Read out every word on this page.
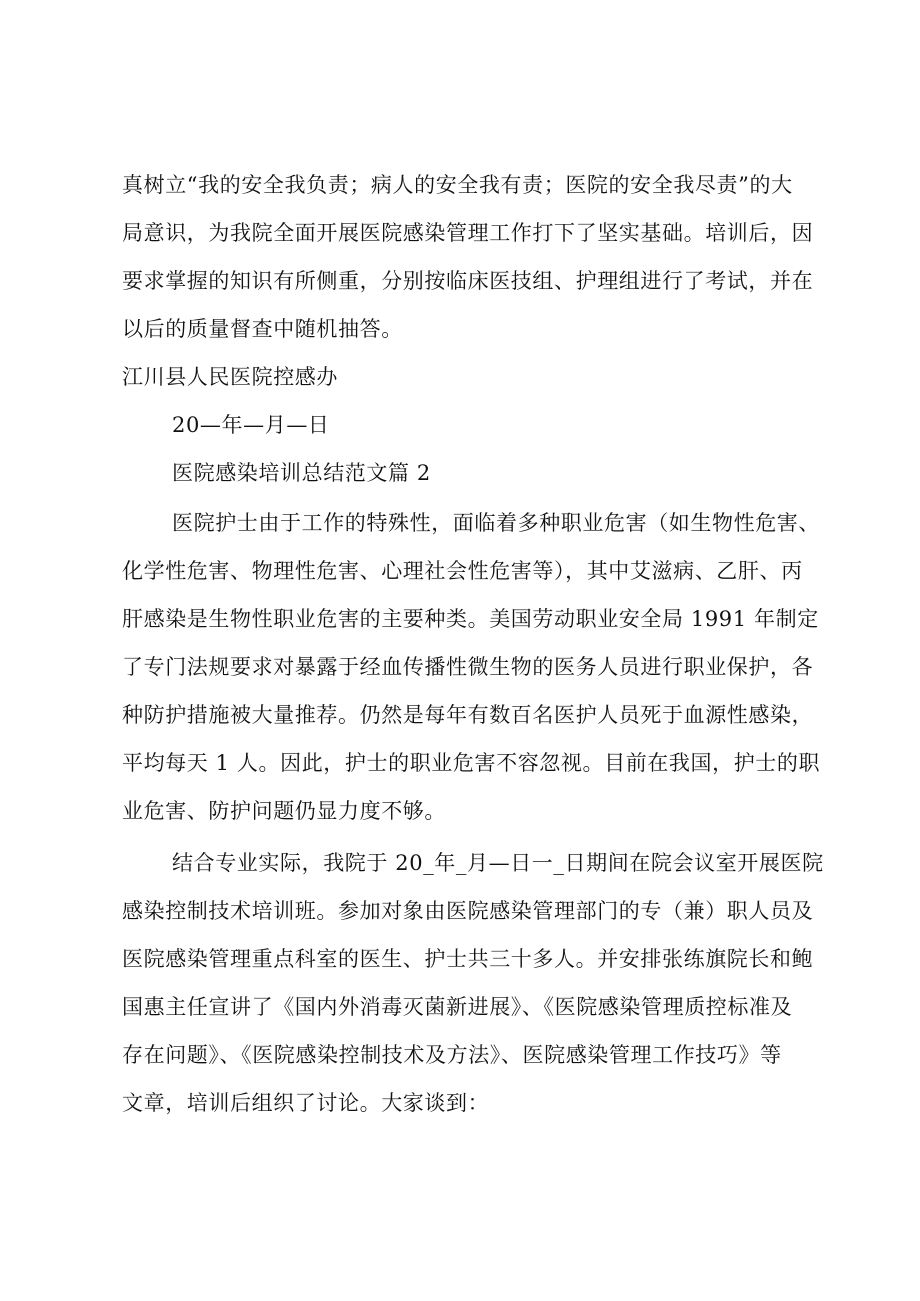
真树立“我的安全我负责；病人的安全我有责；医院的安全我尽责”的大
局意识，为我院全面开展医院感染管理工作打下了坚实基础。培训后，因
要求掌握的知识有所侧重，分别按临床医技组、护理组进行了考试，并在
以后的质量督查中随机抽答。
江川县人民医院控感办
20—年—月—日
医院感染培训总结范文篇 2
医院护士由于工作的特殊性，面临着多种职业危害（如生物性危害、
化学性危害、物理性危害、心理社会性危害等），其中艾滋病、乙肝、丙
肝感染是生物性职业危害的主要种类。美国劳动职业安全局 1991 年制定
了专门法规要求对暴露于经血传播性微生物的医务人员进行职业保护，各
种防护措施被大量推荐。仍然是每年有数百名医护人员死于血源性感染，
平均每天 1 人。因此，护士的职业危害不容忽视。目前在我国，护士的职
业危害、防护问题仍显力度不够。
结合专业实际，我院于 20_年_月—日一_日期间在院会议室开展医院
感染控制技术培训班。参加对象由医院感染管理部门的专（兼）职人员及
医院感染管理重点科室的医生、护士共三十多人。并安排张练旗院长和鲍
国惠主任宣讲了《国内外消毒灭菌新进展》、《医院感染管理质控标准及
存在问题》、《医院感染控制技术及方法》、医院感染管理工作技巧》等
文章，培训后组织了讨论。大家谈到：
